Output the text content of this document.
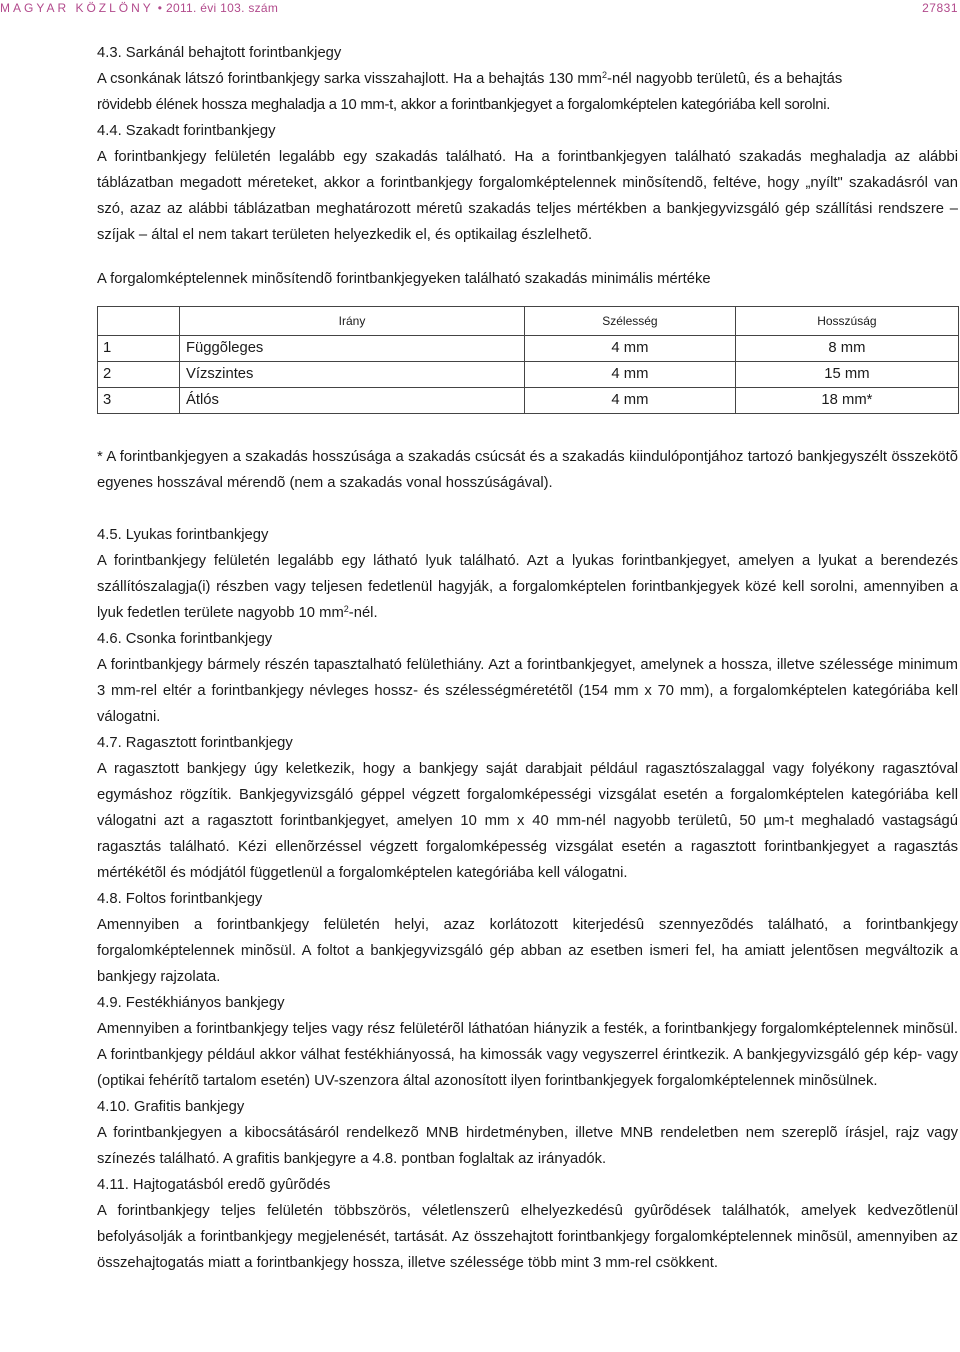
MAGYAR KÖZLÖNY • 2011. évi 103. szám	27831

4.3. Sarkánál behajtott forintbankjegy

A csonkának látszó forintbankjegy sarka visszahajlott. Ha a behajtás 130 $mm^2$-nél nagyobb területû, és a behajtás

rövidebb élének hossza meghaladja a 10 mm-t, akkor a forintbankjegyet a forgalomképtelen kategóriába kell sorolni.

4.4. Szakadt forintbankjegy

A forintbankjegy felületén legalább egy szakadás található. Ha a forintbankjegyen található szakadás meghaladja az alábbi táblázatban megadott méreteket, akkor a forintbankjegy forgalomképtelennek minõsítendõ, feltéve, hogy „nyílt" szakadásról van szó, azaz az alábbi táblázatban meghatározott méretû szakadás teljes mértékben a bankjegyvizsgáló gép szállítási rendszere – szíjak – által el nem takart területen helyezkedik el, és optikailag észlelhetõ.

A forgalomképtelennek minõsítendõ forintbankjegyeken található szakadás minimális mértéke

	Irány	Szélesség	Hosszúság
1	Függõleges	4 mm	8 mm
2	Vízszintes	4 mm	15 mm
3	Átlós	4 mm	18 mm*

* A forintbankjegyen a szakadás hosszúsága a szakadás csúcsát és a szakadás kiindulópontjához tartozó bankjegyszélt összekötõ egyenes hosszával mérendõ (nem a szakadás vonal hosszúságával).

4.5. Lyukas forintbankjegy

A forintbankjegy felületén legalább egy látható lyuk található. Azt a lyukas forintbankjegyet, amelyen a lyukat a berendezés szállítószalagja(i) részben vagy teljesen fedetlenül hagyják, a forgalomképtelen forintbankjegyek közé kell sorolni, amennyiben a lyuk fedetlen területe nagyobb 10 $mm^2$-nél.

4.6. Csonka forintbankjegy

A forintbankjegy bármely részén tapasztalható felülethiány. Azt a forintbankjegyet, amelynek a hossza, illetve szélessége minimum 3 mm-rel eltér a forintbankjegy névleges hossz- és szélességméretétõl (154 mm x 70 mm), a forgalomképtelen kategóriába kell válogatni.

4.7. Ragasztott forintbankjegy

A ragasztott bankjegy úgy keletkezik, hogy a bankjegy saját darabjait például ragasztószalaggal vagy folyékony ragasztóval egymáshoz rögzítik. Bankjegyvizsgáló géppel végzett forgalomképességi vizsgálat esetén a forgalomképtelen kategóriába kell válogatni azt a ragasztott forintbankjegyet, amelyen 10 mm x 40 mm-nél nagyobb területû, 50 µm-t meghaladó vastagságú ragasztás található. Kézi ellenõrzéssel végzett forgalomképesség vizsgálat esetén a ragasztott forintbankjegyet a ragasztás mértékétõl és módjától függetlenül a forgalomképtelen kategóriába kell válogatni.

4.8. Foltos forintbankjegy

Amennyiben a forintbankjegy felületén helyi, azaz korlátozott kiterjedésû szennyezõdés található, a forintbankjegy forgalomképtelennek minõsül. A foltot a bankjegyvizsgáló gép abban az esetben ismeri fel, ha amiatt jelentõsen megváltozik a bankjegy rajzolata.

4.9. Festékhiányos bankjegy

Amennyiben a forintbankjegy teljes vagy rész felületérõl láthatóan hiányzik a festék, a forintbankjegy forgalomképtelennek minõsül. A forintbankjegy például akkor válhat festékhiányossá, ha kimossák vagy vegyszerrel érintkezik. A bankjegyvizsgáló gép kép- vagy (optikai fehérítõ tartalom esetén) UV-szenzora által azonosított ilyen forintbankjegyek forgalomképtelennek minõsülnek.

4.10. Grafitis bankjegy

A forintbankjegyen a kibocsátásáról rendelkezõ MNB hirdetményben, illetve MNB rendeletben nem szereplõ írásjel, rajz vagy színezés található. A grafitis bankjegyre a 4.8. pontban foglaltak az irányadók.

4.11. Hajtogatásból eredõ gyûrõdés

A forintbankjegy teljes felületén többszörös, véletlenszerû elhelyezkedésû gyûrõdések találhatók, amelyek kedvezõtlenül befolyásolják a forintbankjegy megjelenését, tartását. Az összehajtott forintbankjegy forgalomképtelennek minõsül, amennyiben az összehajtogatás miatt a forintbankjegy hossza, illetve szélessége több mint 3 mm-rel csökkent.
